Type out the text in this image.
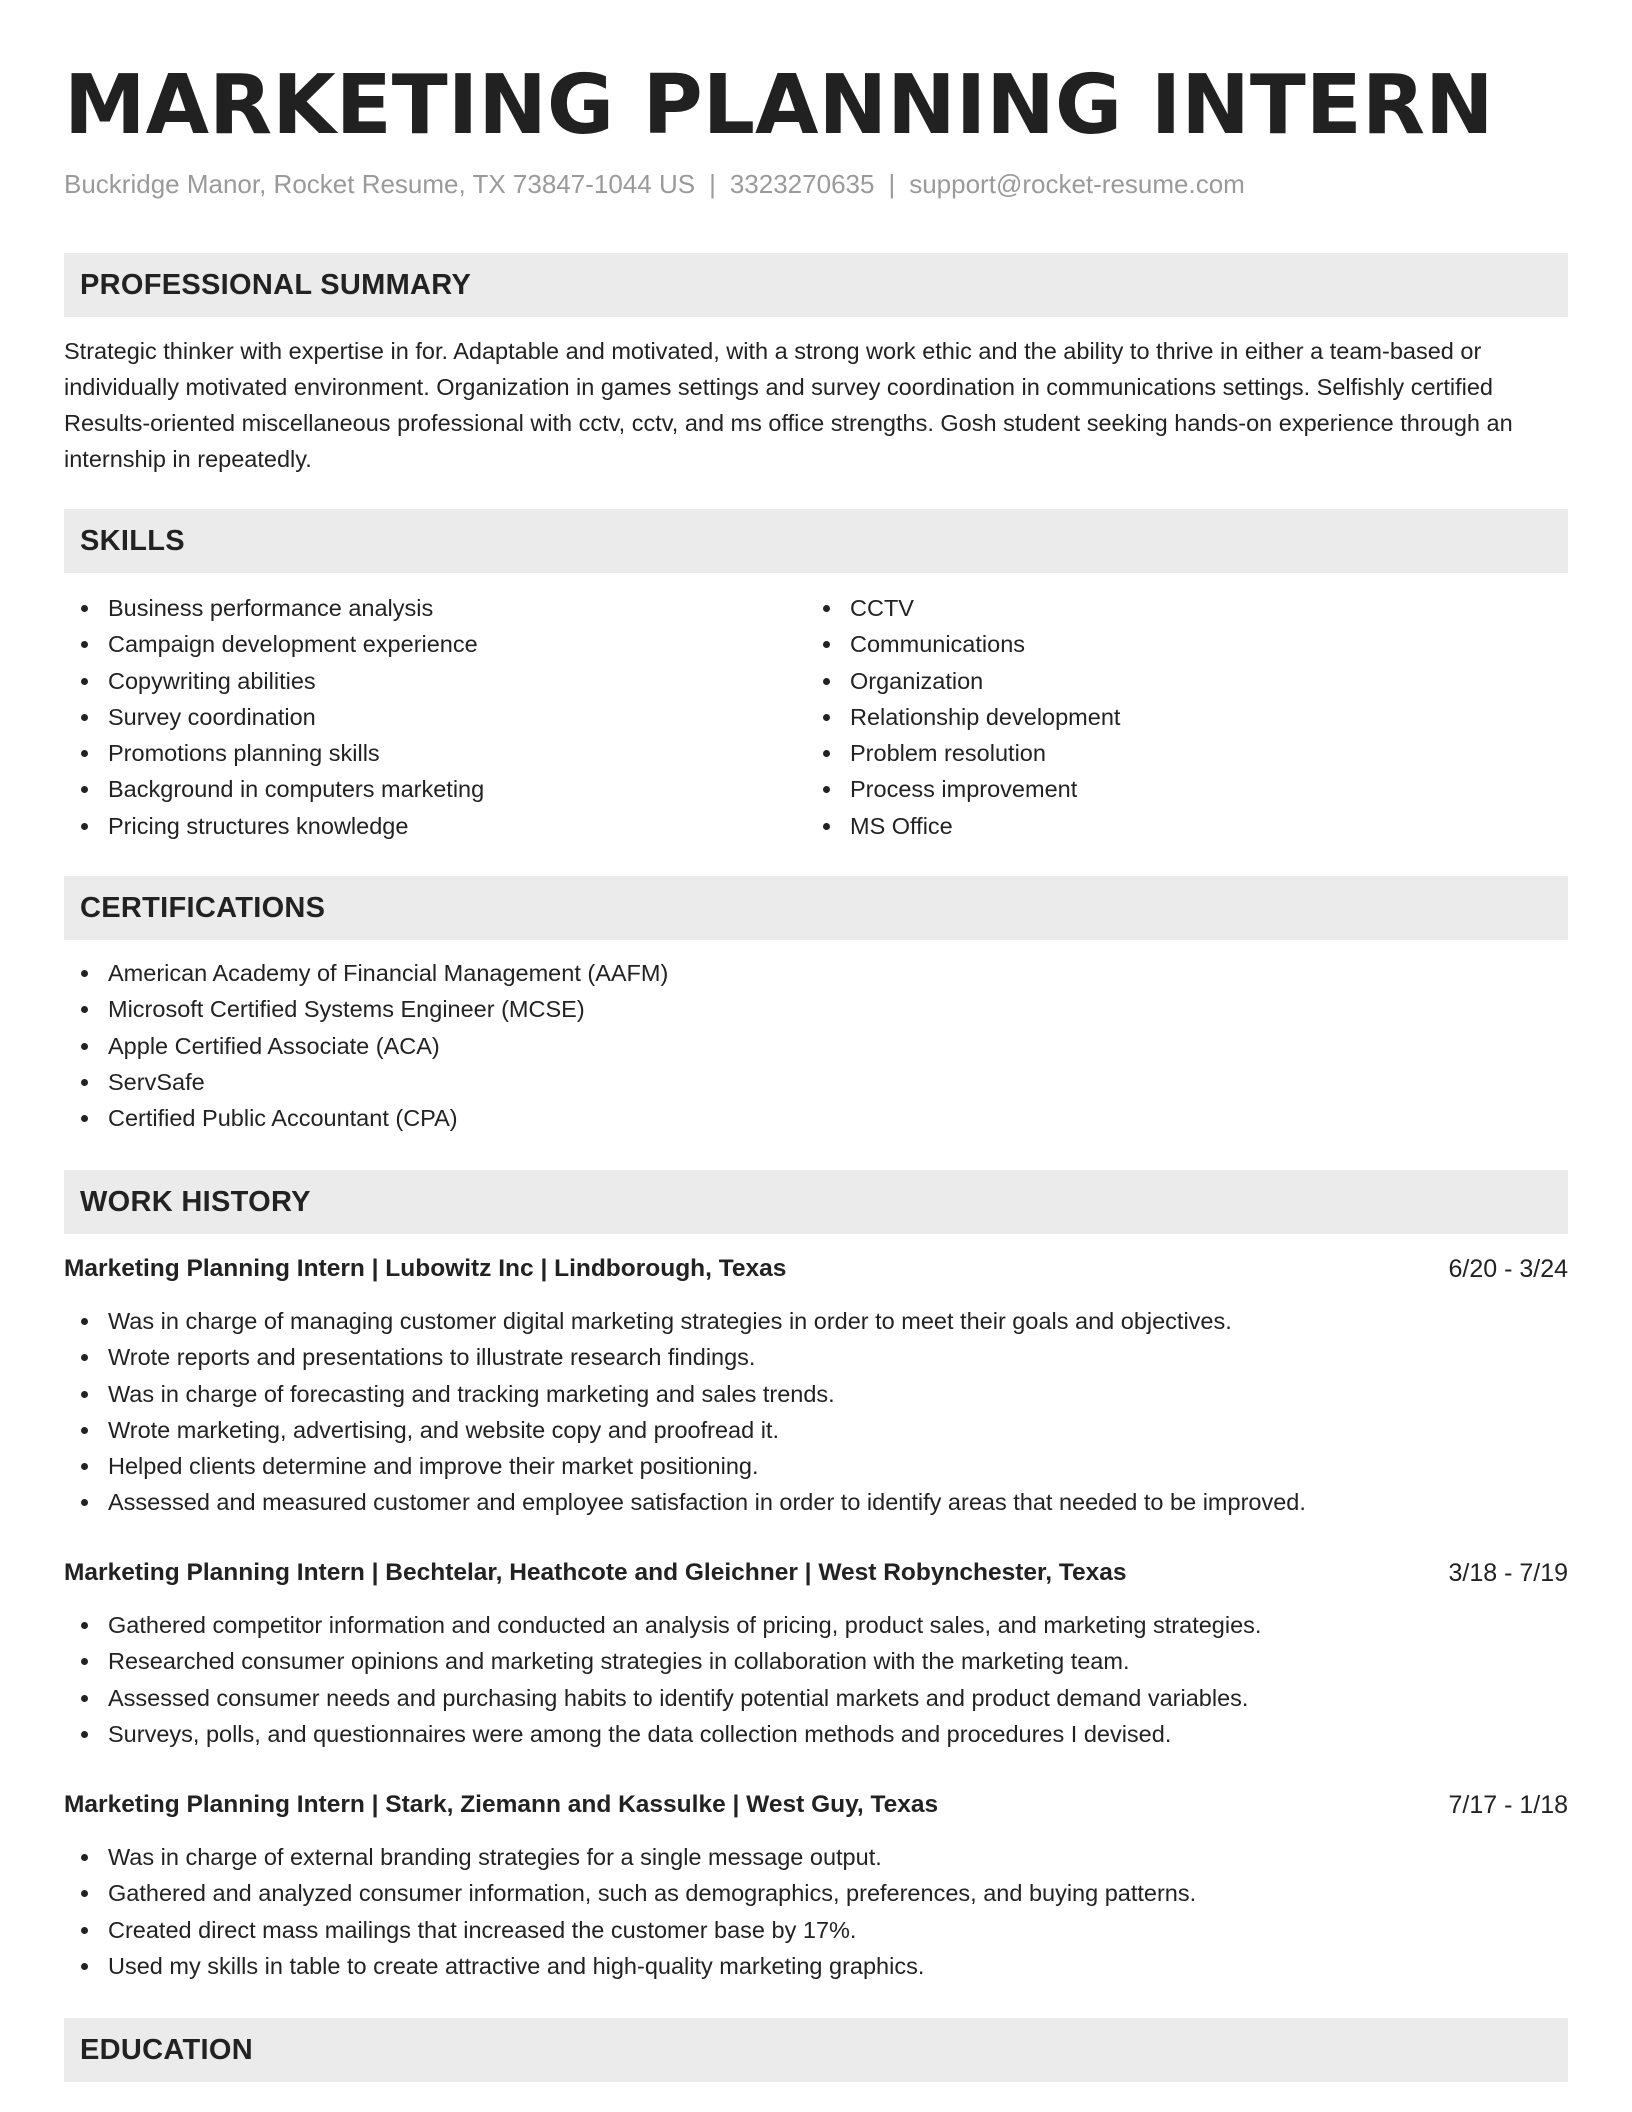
MARKETING PLANNING INTERN
Buckridge Manor, Rocket Resume, TX 73847-1044 US | 3323270635 | support@rocket-resume.com
PROFESSIONAL SUMMARY

Strategic thinker with expertise in for. Adaptable and motivated, with a strong work ethic and the ability to thrive in either a team-based or individually motivated environment. Organization in games settings and survey coordination in communications settings. Selfishly certified Results-oriented miscellaneous professional with cctv, cctv, and ms office strengths. Gosh student seeking hands-on experience through an internship in repeatedly.

SKILLS
Business performance analysis
Campaign development experience
Copywriting abilities
Survey coordination
Promotions planning skills
Background in computers marketing
Pricing structures knowledge
CCTV
Communications
Organization
Relationship development
Problem resolution
Process improvement
MS Office
CERTIFICATIONS
American Academy of Financial Management (AAFM)
Microsoft Certified Systems Engineer (MCSE)
Apple Certified Associate (ACA)
ServSafe
Certified Public Accountant (CPA)
WORK HISTORY
Marketing Planning Intern | Lubowitz Inc | Lindborough, Texas	6/20 - 3/24
Was in charge of managing customer digital marketing strategies in order to meet their goals and objectives.
Wrote reports and presentations to illustrate research findings.
Was in charge of forecasting and tracking marketing and sales trends.
Wrote marketing, advertising, and website copy and proofread it.
Helped clients determine and improve their market positioning.
Assessed and measured customer and employee satisfaction in order to identify areas that needed to be improved.
Marketing Planning Intern | Bechtelar, Heathcote and Gleichner | West Robynchester, Texas	3/18 - 7/19
Gathered competitor information and conducted an analysis of pricing, product sales, and marketing strategies.
Researched consumer opinions and marketing strategies in collaboration with the marketing team.
Assessed consumer needs and purchasing habits to identify potential markets and product demand variables.
Surveys, polls, and questionnaires were among the data collection methods and procedures I devised.
Marketing Planning Intern | Stark, Ziemann and Kassulke | West Guy, Texas	7/17 - 1/18
Was in charge of external branding strategies for a single message output.
Gathered and analyzed consumer information, such as demographics, preferences, and buying patterns.
Created direct mass mailings that increased the customer base by 17%.
Used my skills in table to create attractive and high-quality marketing graphics.
EDUCATION
